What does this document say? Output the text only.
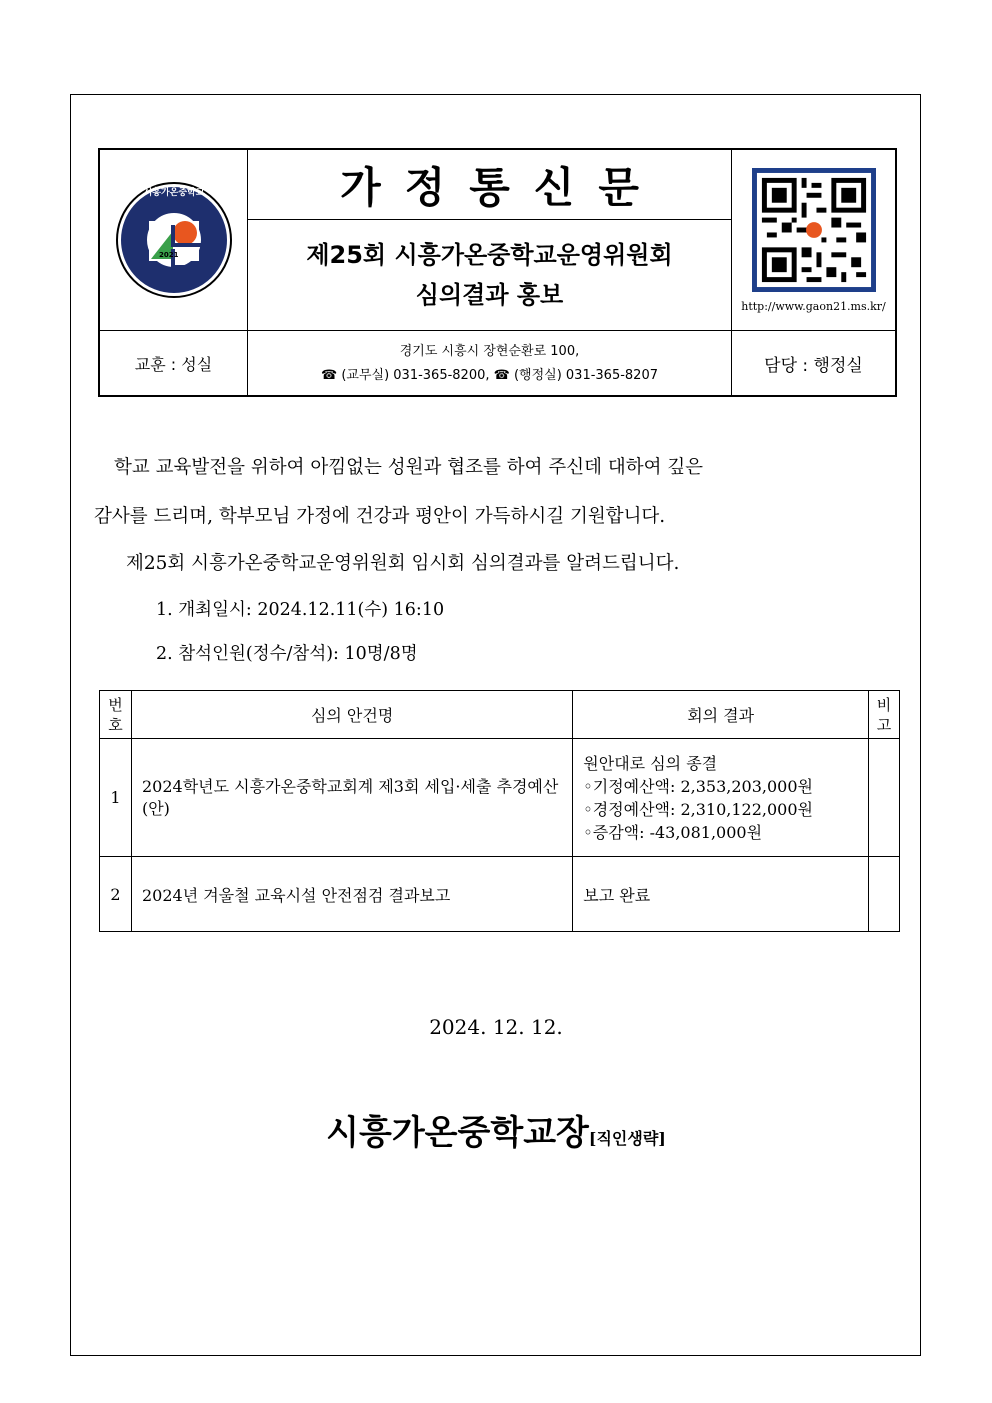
시흥가온중학교
2021
가정통신문
제25회 시흥가온중학교운영위원회
심의결과 홍보	http://www.gaon21.ms.kr/
교훈 : 성실
경기도 시흥시 장현순환로 100,
☎ (교무실) 031-365-8200, ☎ (행정실) 031-365-8207	담당 : 행정실
학교 교육발전을 위하여 아낌없는 성원과 협조를 하여 주신데 대하여 깊은
감사를 드리며, 학부모님 가정에 건강과 평안이 가득하시길 기원합니다.
제25회 시흥가온중학교운영위원회 임시회 심의결과를 알려드립니다.
1. 개최일시: 2024.12.11(수) 16:10
2. 참석인원(정수/참석): 10명/8명
번호	심의 안건명	회의 결과	비고
1	2024학년도 시흥가온중학교회계 제3회 세입·세출 추경예산(안)	원안대로 심의 종결
◦기정예산액: 2,353,203,000원
◦경정예산액: 2,310,122,000원
◦증감액: -43,081,000원	

2	2024년 겨울철 교육시설 안전점검 결과보고	보고 완료	

2024. 12. 12.
시흥가온중학교장[직인생략]
